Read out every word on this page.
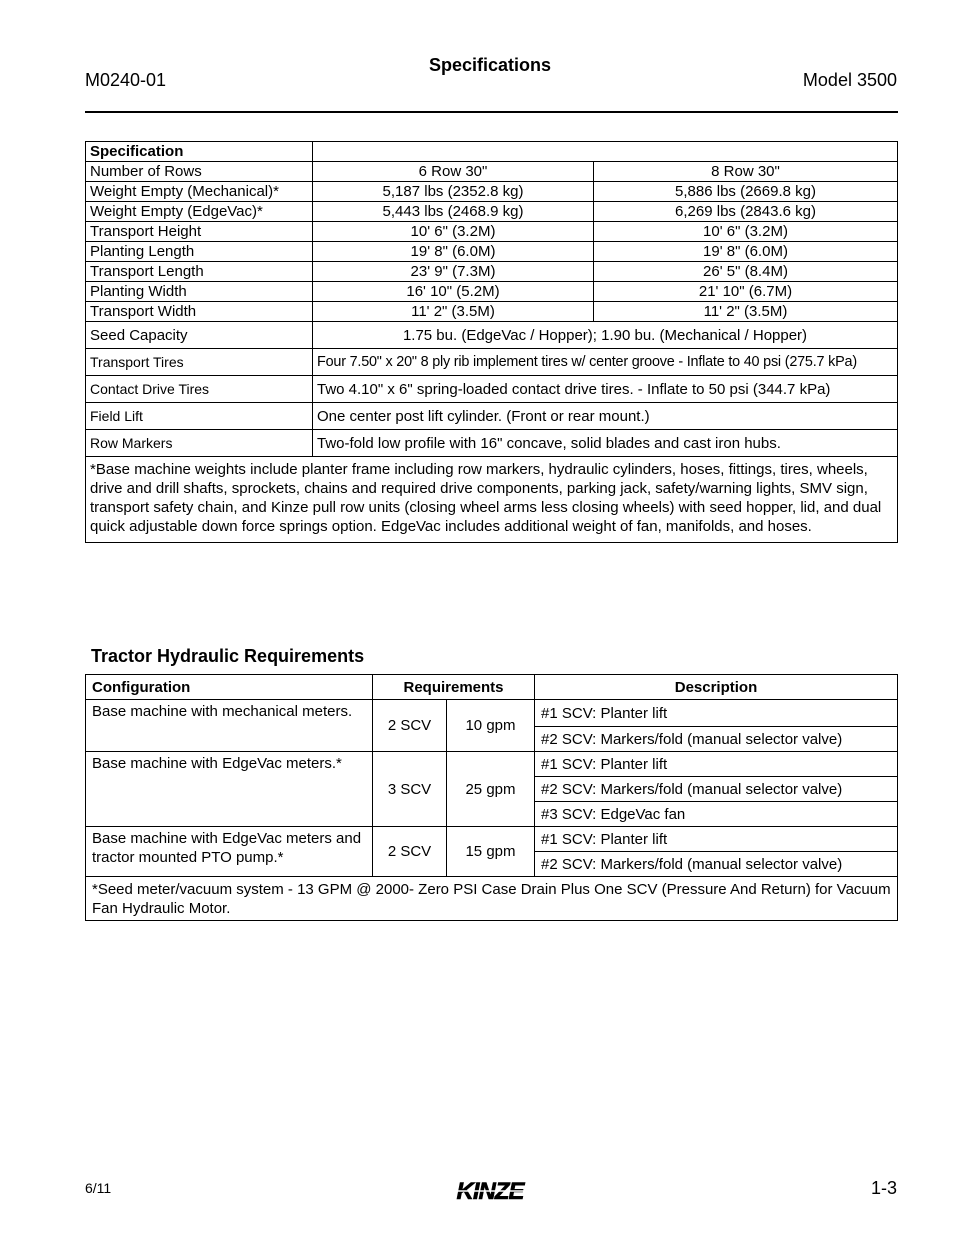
M0240-01
Specifications
Model 3500
Specification		
Number of Rows	6 Row 30"	8 Row 30"
Weight Empty (Mechanical)*	5,187 lbs (2352.8 kg)	5,886 lbs (2669.8 kg)
Weight Empty (EdgeVac)*	5,443 lbs (2468.9 kg)	6,269 lbs (2843.6 kg)
Transport Height	10' 6" (3.2M)	10' 6" (3.2M)
Planting Length	19' 8" (6.0M)	19' 8" (6.0M)
Transport Length	23' 9" (7.3M)	26' 5" (8.4M)
Planting Width	16' 10" (5.2M)	21' 10" (6.7M)
Transport Width	11' 2" (3.5M)	11' 2" (3.5M)
Seed Capacity	1.75 bu. (EdgeVac / Hopper); 1.90 bu. (Mechanical / Hopper)	
Transport Tires	Four 7.50" x 20" 8 ply rib implement tires w/ center groove - Inflate to 40 psi (275.7 kPa)	
Contact Drive Tires	Two 4.10" x 6" spring-loaded contact drive tires. - Inflate to 50 psi (344.7 kPa)	
Field Lift	One center post lift cylinder. (Front or rear mount.)	
Row Markers	Two-fold low profile with 16" concave, solid blades and cast iron hubs.	
*Base machine weights include planter frame including row markers, hydraulic cylinders, hoses, fittings, tires, wheels, drive and drill shafts, sprockets, chains and required drive components, parking jack, safety/warning lights, SMV sign, transport safety chain, and Kinze pull row units (closing wheel arms less closing wheels) with seed hopper, lid, and dual quick adjustable down force springs option. EdgeVac includes additional weight of fan, manifolds, and hoses.		
Tractor Hydraulic Requirements
Configuration	Requirements		Description
Base machine with mechanical meters.	2 SCV	10 gpm	#1 SCV: Planter lift
			#2 SCV: Markers/fold (manual selector valve)
Base machine with EdgeVac meters.*	3 SCV	25 gpm	#1 SCV: Planter lift
			#2 SCV: Markers/fold (manual selector valve)
			#3 SCV: EdgeVac fan
Base machine with EdgeVac meters and tractor mounted PTO pump.*	2 SCV	15 gpm	#1 SCV: Planter lift
			#2 SCV: Markers/fold (manual selector valve)
*Seed meter/vacuum system - 13 GPM @ 2000- Zero PSI Case Drain Plus One SCV (Pressure And Return) for Vacuum Fan Hydraulic Motor.			
6/11	KINZE	1-3
